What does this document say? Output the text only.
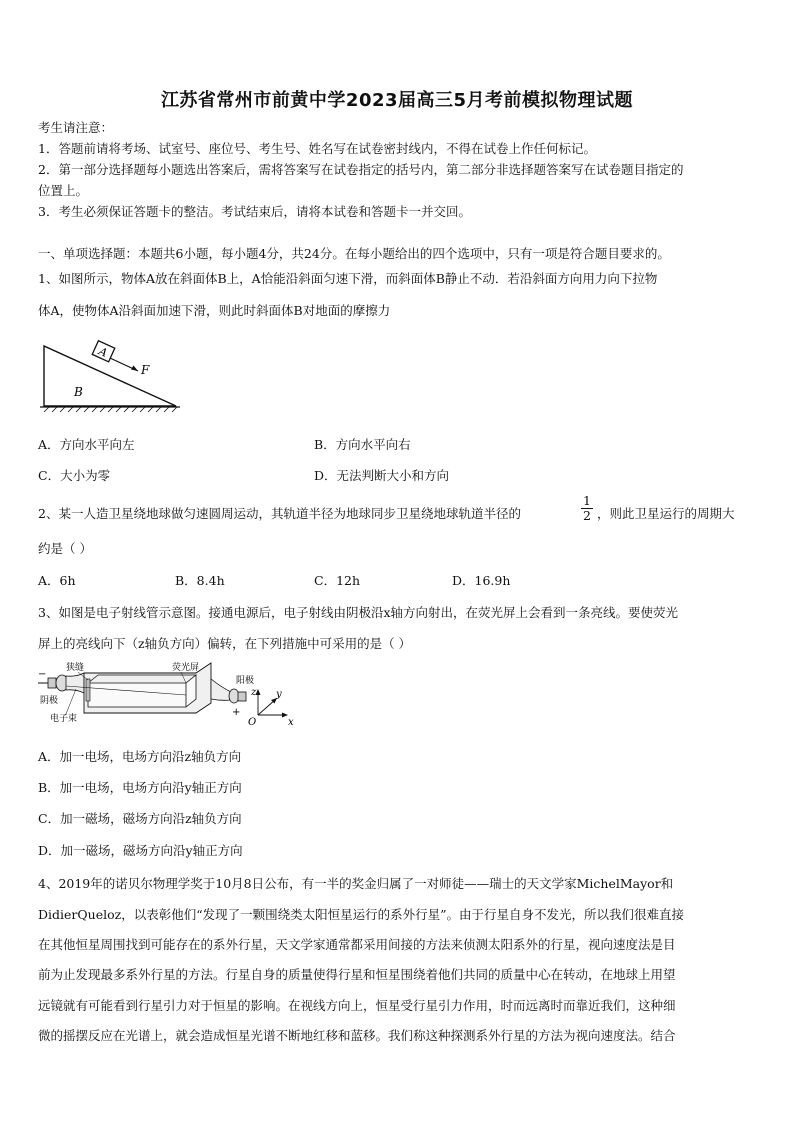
江苏省常州市前黄中学2023届高三5月考前模拟物理试题
考生请注意：
1．答题前请将考场、试室号、座位号、考生号、姓名写在试卷密封线内，不得在试卷上作任何标记。
2．第一部分选择题每小题选出答案后，需将答案写在试卷指定的括号内，第二部分非选择题答案写在试卷题目指定的
位置上。
3．考生必须保证答题卡的整洁。考试结束后，请将本试卷和答题卡一并交回。
一、单项选择题：本题共6小题，每小题4分，共24分。在每小题给出的四个选项中，只有一项是符合题目要求的。
1、如图所示，物体A放在斜面体B上，A恰能沿斜面匀速下滑，而斜面体B静止不动．若沿斜面方向用力向下拉物
体A，使物体A沿斜面加速下滑，则此时斜面体B对地面的摩擦力
A
F
B
A．方向水平向左	B．方向水平向右
C．大小为零	D．无法判断大小和方向
2、某一人造卫星绕地球做匀速圆周运动，其轨道半径为地球同步卫星绕地球轨道半径的	$\frac{1}{2}$ ，则此卫星运行的周期大
约是（ ）
A．6h	B．8.4h	C．12h	D．16.9h
3、如图是电子射线管示意图。接通电源后，电子射线由阴极沿x轴方向射出，在荧光屏上会看到一条亮线。要使荧光
屏上的亮线向下（z轴负方向）偏转，在下列措施中可采用的是（ ）
−
+
狭缝	荧光屏
阴极
电子束
阳极
z y
x
O
A．加一电场，电场方向沿z轴负方向
B．加一电场，电场方向沿y轴正方向
C．加一磁场，磁场方向沿z轴负方向
D．加一磁场，磁场方向沿y轴正方向
4、2019年的诺贝尔物理学奖于10月8日公布，有一半的奖金归属了一对师徒——瑞士的天文学家MichelMayor和
DidierQueloz，以表彰他们“发现了一颗围绕类太阳恒星运行的系外行星”。由于行星自身不发光，所以我们很难直接
在其他恒星周围找到可能存在的系外行星，天文学家通常都采用间接的方法来侦测太阳系外的行星，视向速度法是目
前为止发现最多系外行星的方法。行星自身的质量使得行星和恒星围绕着他们共同的质量中心在转动，在地球上用望
远镜就有可能看到行星引力对于恒星的影响。在视线方向上，恒星受行星引力作用，时而远离时而靠近我们，这种细
微的摇摆反应在光谱上，就会造成恒星光谱不断地红移和蓝移。我们称这种探测系外行星的方法为视向速度法。结合
